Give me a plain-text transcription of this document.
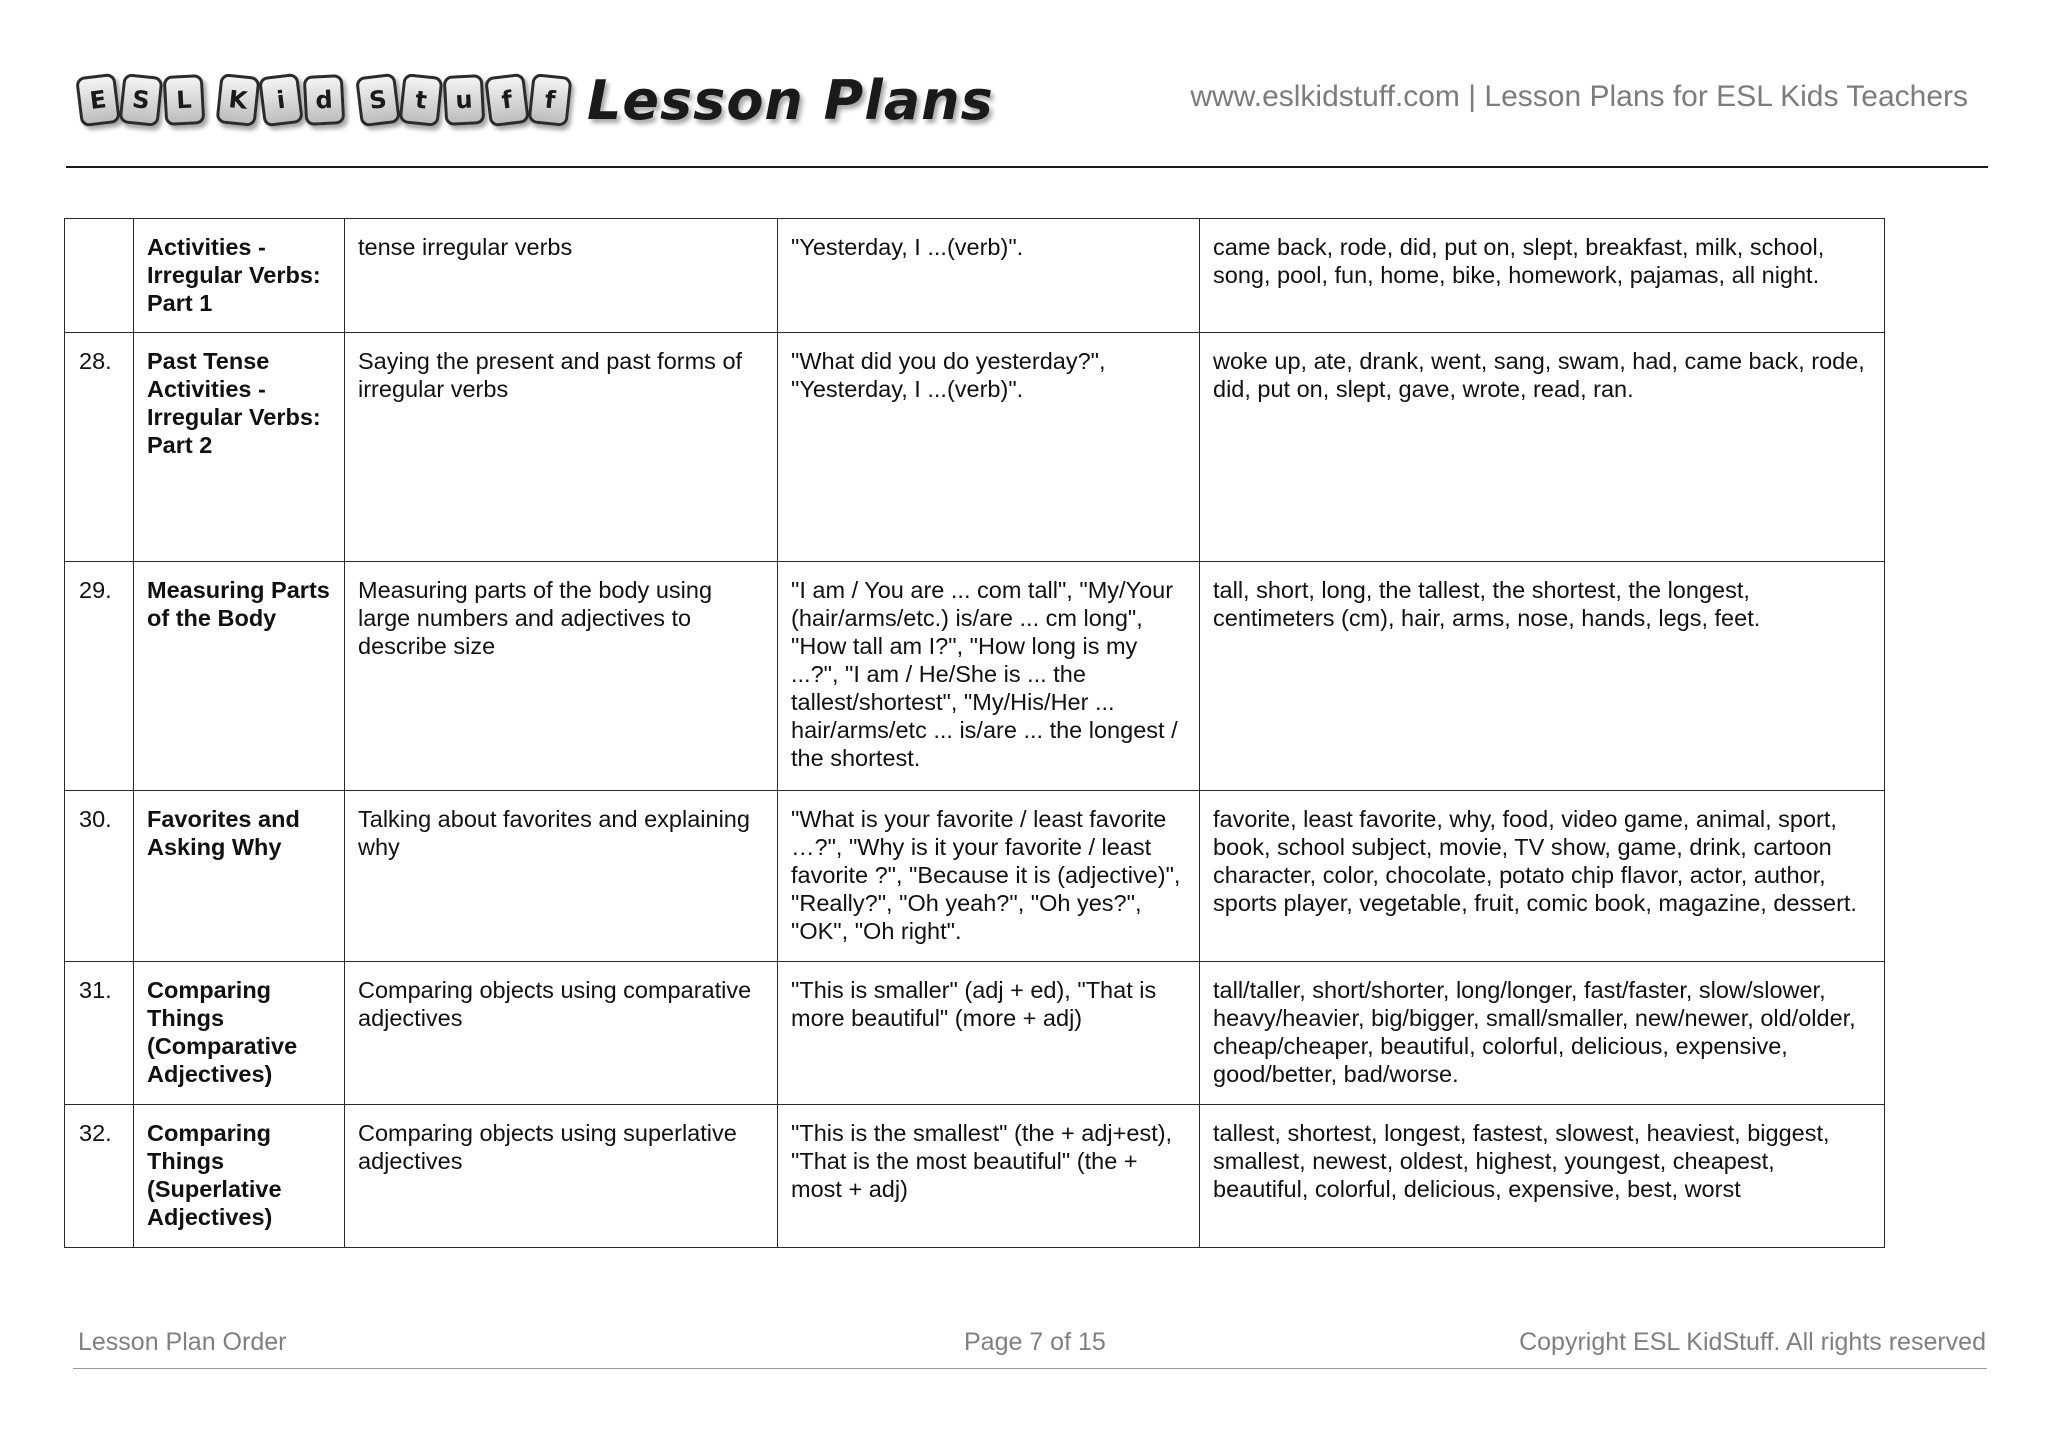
E S	L	K	i	d	S	t	u	f	f Lesson Plans	www.eslkidstuff.com | Lesson Plans for ESL Kids Teachers
	Activities - Irregular Verbs: Part 1	tense irregular verbs	"Yesterday, I ...(verb)".	came back, rode, did, put on, slept, breakfast, milk, school, song, pool, fun, home, bike, homework, pajamas, all night.
28.	Past Tense Activities - Irregular Verbs: Part 2	Saying the present and past forms of irregular verbs	"What did you do yesterday?", "Yesterday, I ...(verb)".	woke up, ate, drank, went, sang, swam, had, came back, rode, did, put on, slept, gave, wrote, read, ran.
29.	Measuring Parts of the Body	Measuring parts of the body using large numbers and adjectives to describe size	"I am / You are ... com tall", "My/Your (hair/arms/etc.) is/are ... cm long", "How tall am I?", "How long is my ...?", "I am / He/She is ... the tallest/shortest", "My/His/Her ... hair/arms/etc ... is/are ... the longest / the shortest.	tall, short, long, the tallest, the shortest, the longest, centimeters (cm), hair, arms, nose, hands, legs, feet.
30.	Favorites and Asking Why	Talking about favorites and explaining why	"What is your favorite / least favorite …?", "Why is it your favorite / least favorite ?", "Because it is (adjective)", "Really?", "Oh yeah?", "Oh yes?", "OK", "Oh right".	favorite, least favorite, why, food, video game, animal, sport, book, school subject, movie, TV show, game, drink, cartoon character, color, chocolate, potato chip flavor, actor, author, sports player, vegetable, fruit, comic book, magazine, dessert.
31.	Comparing Things (Comparative Adjectives)	Comparing objects using comparative adjectives	"This is smaller" (adj + ed), "That is more beautiful" (more + adj)	tall/taller, short/shorter, long/longer, fast/faster, slow/slower, heavy/heavier, big/bigger, small/smaller, new/newer, old/older, cheap/cheaper, beautiful, colorful, delicious, expensive, good/better, bad/worse.
32.	Comparing Things (Superlative Adjectives)	Comparing objects using superlative adjectives	"This is the smallest" (the + adj+est), "That is the most beautiful" (the + most + adj)	tallest, shortest, longest, fastest, slowest, heaviest, biggest, smallest, newest, oldest, highest, youngest, cheapest, beautiful, colorful, delicious, expensive, best, worst
Lesson Plan Order	Page 7 of 15	Copyright ESL KidStuff. All rights reserved
